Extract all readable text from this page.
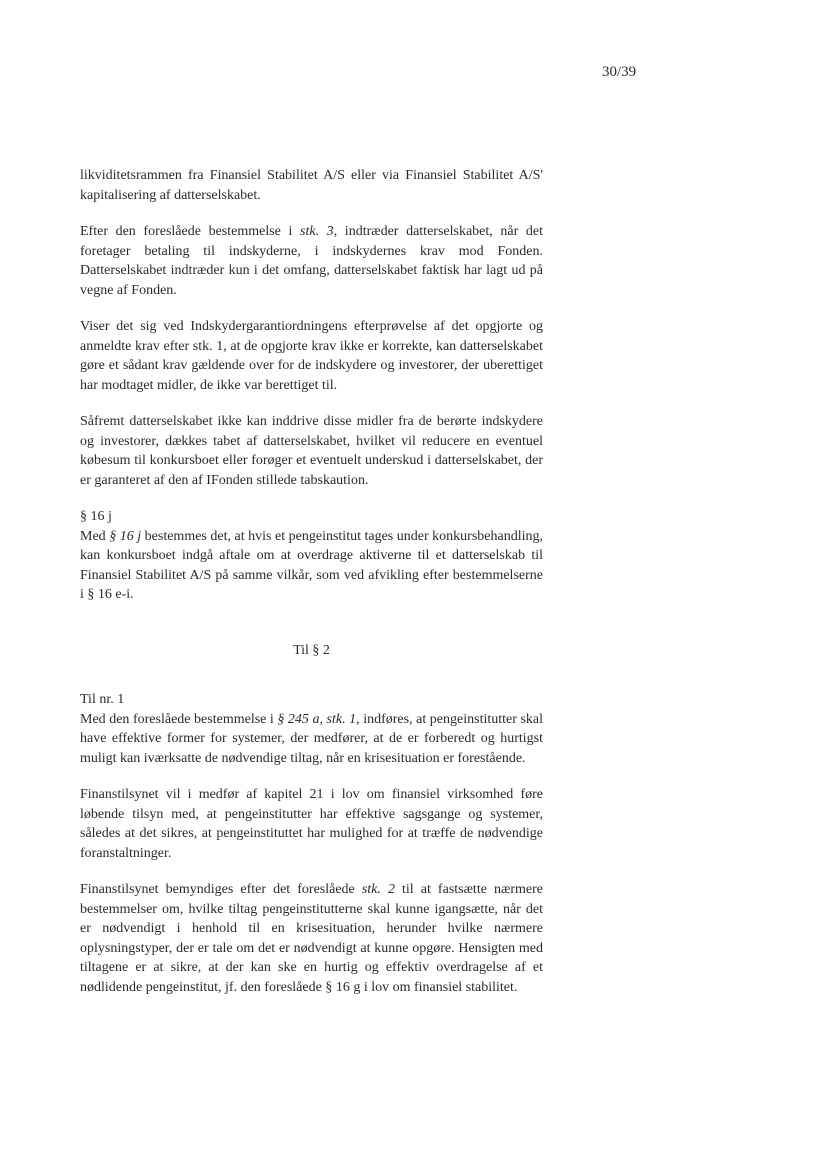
30/39

likviditetsrammen fra Finansiel Stabilitet A/S eller via Finansiel Stabilitet A/S' kapitalisering af datterselskabet.

Efter den foreslåede bestemmelse i stk. 3, indtræder datterselskabet, når det foretager betaling til indskyderne, i indskydernes krav mod Fonden. Datterselskabet indtræder kun i det omfang, datterselskabet faktisk har lagt ud på vegne af Fonden.

Viser det sig ved Indskydergarantiordningens efterprøvelse af det opgjorte og anmeldte krav efter stk. 1, at de opgjorte krav ikke er korrekte, kan datterselskabet gøre et sådant krav gældende over for de indskydere og investorer, der uberettiget har modtaget midler, de ikke var berettiget til.

Såfremt datterselskabet ikke kan inddrive disse midler fra de berørte indskydere og investorer, dækkes tabet af datterselskabet, hvilket vil reducere en eventuel købesum til konkursboet eller forøger et eventuelt underskud i datterselskabet, der er garanteret af den af IFonden stillede tabskaution.

§ 16 j

Med § 16 j bestemmes det, at hvis et pengeinstitut tages under konkursbehandling, kan konkursboet indgå aftale om at overdrage aktiverne til et datterselskab til Finansiel Stabilitet A/S på samme vilkår, som ved afvikling efter bestemmelserne i § 16 e-i.

Til § 2

Til nr. 1

Med den foreslåede bestemmelse i § 245 a, stk. 1, indføres, at pengeinstitutter skal have effektive former for systemer, der medfører, at de er forberedt og hurtigst muligt kan iværksatte de nødvendige tiltag, når en krisesituation er forestående.

Finanstilsynet vil i medfør af kapitel 21 i lov om finansiel virksomhed føre løbende tilsyn med, at pengeinstitutter har effektive sagsgange og systemer, således at det sikres, at pengeinstituttet har mulighed for at træffe de nødvendige foranstaltninger.

Finanstilsynet bemyndiges efter det foreslåede stk. 2 til at fastsætte nærmere bestemmelser om, hvilke tiltag pengeinstitutterne skal kunne igangsætte, når det er nødvendigt i henhold til en krisesituation, herunder hvilke nærmere oplysningstyper, der er tale om det er nødvendigt at kunne opgøre. Hensigten med tiltagene er at sikre, at der kan ske en hurtig og effektiv overdragelse af et nødlidende pengeinstitut, jf. den foreslåede § 16 g i lov om finansiel stabilitet.
